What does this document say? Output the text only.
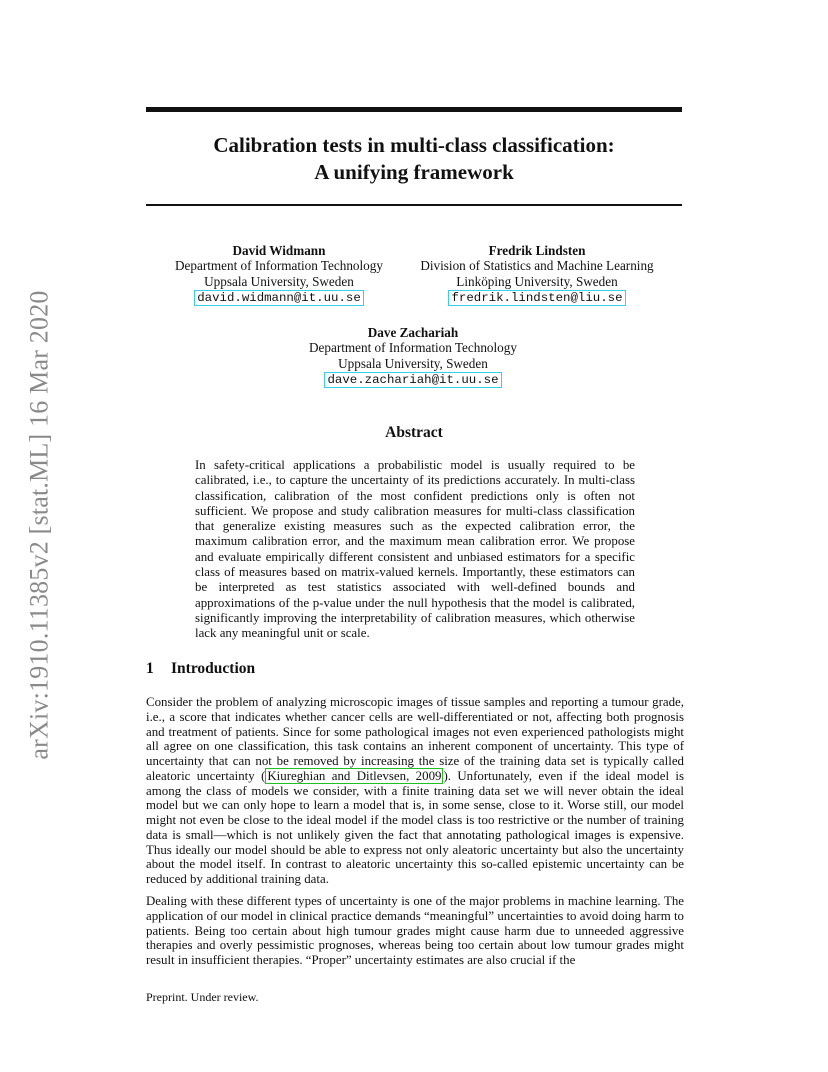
arXiv:1910.11385v2 [stat.ML] 16 Mar 2020
Calibration tests in multi-class classification:
A unifying framework
David Widmann
Department of Information Technology
Uppsala University, Sweden
david.widmann@it.uu.se
Fredrik Lindsten
Division of Statistics and Machine Learning
Linköping University, Sweden
fredrik.lindsten@liu.se
Dave Zachariah
Department of Information Technology
Uppsala University, Sweden
dave.zachariah@it.uu.se
Abstract

In safety-critical applications a probabilistic model is usually required to be calibrated, i.e., to capture the uncertainty of its predictions accurately. In multi-class classification, calibration of the most confident predictions only is often not sufficient. We propose and study calibration measures for multi-class classification that generalize existing measures such as the expected calibration error, the maximum calibration error, and the maximum mean calibration error. We propose and evaluate empirically different consistent and unbiased estimators for a specific class of measures based on matrix-valued kernels. Importantly, these estimators can be interpreted as test statistics associated with well-defined bounds and approximations of the p-value under the null hypothesis that the model is calibrated, significantly improving the interpretability of calibration measures, which otherwise lack any meaningful unit or scale.

1 Introduction

Consider the problem of analyzing microscopic images of tissue samples and reporting a tumour grade, i.e., a score that indicates whether cancer cells are well-differentiated or not, affecting both prognosis and treatment of patients. Since for some pathological images not even experienced pathologists might all agree on one classification, this task contains an inherent component of uncertainty. This type of uncertainty that can not be removed by increasing the size of the training data set is typically called aleatoric uncertainty ( Kiureghian and Ditlevsen, 2009 ). Unfortunately, even if the ideal model is among the class of models we consider, with a finite training data set we will never obtain the ideal model but we can only hope to learn a model that is, in some sense, close to it. Worse still, our model might not even be close to the ideal model if the model class is too restrictive or the number of training data is small—which is not unlikely given the fact that annotating pathological images is expensive. Thus ideally our model should be able to express not only aleatoric uncertainty but also the uncertainty about the model itself. In contrast to aleatoric uncertainty this so-called epistemic uncertainty can be reduced by additional training data.

Dealing with these different types of uncertainty is one of the major problems in machine learning. The application of our model in clinical practice demands “meaningful” uncertainties to avoid doing harm to patients. Being too certain about high tumour grades might cause harm due to unneeded aggressive therapies and overly pessimistic prognoses, whereas being too certain about low tumour grades might result in insufficient therapies. “Proper” uncertainty estimates are also crucial if the

Preprint. Under review.
